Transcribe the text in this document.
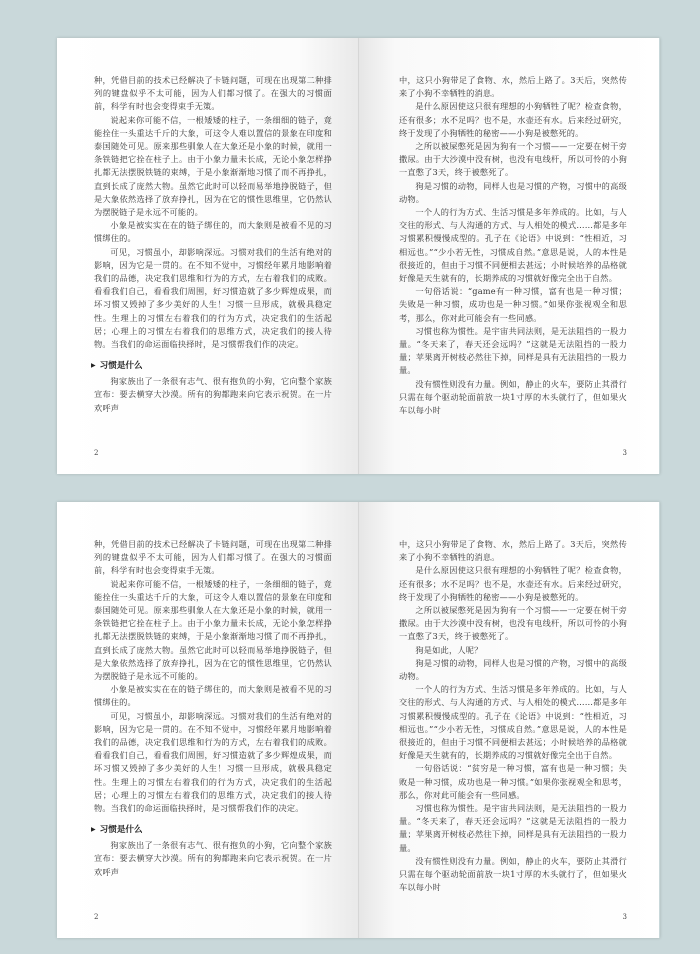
种，凭借目前的技术已经解决了卡链问题，可现在出现第二种排列的键盘似乎不太可能，因为人们都习惯了。在强大的习惯面前，科学有时也会变得束手无策。

说起来你可能不信，一根矮矮的柱子，一条细细的链子，竟能拴住一头重达千斤的大象，可这令人难以置信的景象在印度和泰国随处可见。原来那些驯象人在大象还是小象的时候，就用一条铁链把它拴在柱子上。由于小象力量未长成，无论小象怎样挣扎都无法摆脱铁链的束缚，于是小象渐渐地习惯了而不再挣扎，直到长成了庞然大物。虽然它此时可以轻而易举地挣脱链子，但是大象依然选择了放弃挣扎，因为在它的惯性思维里，它仍然认为摆脱链子是永远不可能的。

小象是被实实在在的链子绑住的，而大象则是被看不见的习惯绑住的。

可见，习惯虽小，却影响深远。习惯对我们的生活有绝对的影响，因为它是一贯的。在不知不觉中，习惯经年累月地影响着我们的品德，决定我们思维和行为的方式，左右着我们的成败。看看我们自己，看看我们周围，好习惯造就了多少辉煌成果，而坏习惯又毁掉了多少美好的人生！习惯一旦形成，就极具稳定性。生理上的习惯左右着我们的行为方式，决定我们的生活起居；心理上的习惯左右着我们的思维方式，决定我们的接人待物。当我们的命运面临抉择时，是习惯帮我们作的决定。

▶ 习惯是什么

狗家族出了一条很有志气、很有抱负的小狗，它向整个家族宣布：要去横穿大沙漠。所有的狗都跑来向它表示祝贺。在一片欢呼声

2

中，这只小狗带足了食物、水，然后上路了。3天后，突然传来了小狗不幸牺牲的消息。

是什么原因使这只很有理想的小狗牺牲了呢？检查食物，还有很多；水不足吗？也不是，水壶还有水。后来经过研究，终于发现了小狗牺牲的秘密——小狗是被憋死的。

之所以被屎憋死是因为狗有一个习惯——一定要在树干旁撒尿。由于大沙漠中没有树，也没有电线杆，所以可怜的小狗一直憋了3天，终于被憋死了。

狗是习惯的动物，同样人也是习惯的产物，习惯中的高级动物。

一个人的行为方式、生活习惯是多年养成的。比如，与人交往的形式、与人沟通的方式、与人相处的模式……都是多年习惯累积慢慢成型的。孔子在《论语》中说到：“性相近，习相远也。”“少小若无性，习惯成自然。”意思是说，人的本性是很接近的，但由于习惯不同便相去甚远；小时候培养的品格就好像是天生就有的，长期养成的习惯就好像完全出于自然。

一句俗话说：“game有一种习惯，富有也是一种习惯；失败是一种习惯，成功也是一种习惯。”如果你张视观全和思考，那么，你对此可能会有一些同感。

习惯也称为惯性。是宇宙共同法则，是无法阻挡的一股力量。“冬天来了，春天还会远吗？”这就是无法阻挡的一股力量；苹果离开树枝必然往下掉，同样是具有无法阻挡的一股力量。

没有惯性则没有力量。例如，静止的火车，要防止其滑行只需在每个驱动轮面前放一块1寸厚的木头就行了，但如果火车以每小时

3

种，凭借目前的技术已经解决了卡链问题，可现在出现第二种排列的键盘似乎不太可能，因为人们都习惯了。在强大的习惯面前，科学有时也会变得束手无策。

说起来你可能不信，一根矮矮的柱子，一条细细的链子，竟能拴住一头重达千斤的大象，可这令人难以置信的景象在印度和泰国随处可见。原来那些驯象人在大象还是小象的时候，就用一条铁链把它拴在柱子上。由于小象力量未长成，无论小象怎样挣扎都无法摆脱铁链的束缚，于是小象渐渐地习惯了而不再挣扎，直到长成了庞然大物。虽然它此时可以轻而易举地挣脱链子，但是大象依然选择了放弃挣扎，因为在它的惯性思维里，它仍然认为摆脱链子是永远不可能的。

小象是被实实在在的链子绑住的，而大象则是被看不见的习惯绑住的。

可见，习惯虽小，却影响深远。习惯对我们的生活有绝对的影响，因为它是一贯的。在不知不觉中，习惯经年累月地影响着我们的品德，决定我们思维和行为的方式，左右着我们的成败。看看我们自己，看看我们周围，好习惯造就了多少辉煌成果，而坏习惯又毁掉了多少美好的人生！习惯一旦形成，就极具稳定性。生理上的习惯左右着我们的行为方式，决定我们的生活起居；心理上的习惯左右着我们的思维方式，决定我们的接人待物。当我们的命运面临抉择时，是习惯帮我们作的决定。

▶ 习惯是什么

狗家族出了一条很有志气、很有抱负的小狗，它向整个家族宣布：要去横穿大沙漠。所有的狗都跑来向它表示祝贺。在一片欢呼声

2

中，这只小狗带足了食物、水，然后上路了。3天后，突然传来了小狗不幸牺牲的消息。

是什么原因使这只很有理想的小狗牺牲了呢？检查食物，还有很多；水不足吗？也不是，水壶还有水。后来经过研究，终于发现了小狗牺牲的秘密——小狗是被憋死的。

之所以被屎憋死是因为狗有一个习惯——一定要在树干旁撒尿。由于大沙漠中没有树，也没有电线杆，所以可怜的小狗一直憋了3天，终于被憋死了。

狗是如此，人呢？

狗是习惯的动物，同样人也是习惯的产物，习惯中的高级动物。

一个人的行为方式、生活习惯是多年养成的。比如，与人交往的形式、与人沟通的方式、与人相处的模式……都是多年习惯累积慢慢成型的。孔子在《论语》中说到：“性相近，习相远也。”“少小若无性，习惯成自然。”意思是说，人的本性是很接近的，但由于习惯不同便相去甚远；小时候培养的品格就好像是天生就有的，长期养成的习惯就好像完全出于自然。

一句俗话说：“贫穷是一种习惯，富有也是一种习惯；失败是一种习惯，成功也是一种习惯。”如果你张视观全和思考，那么，你对此可能会有一些同感。

习惯也称为惯性。是宇宙共同法则，是无法阻挡的一股力量。“冬天来了，春天还会远吗？”这就是无法阻挡的一股力量；苹果离开树枝必然往下掉，同样是具有无法阻挡的一股力量。

没有惯性则没有力量。例如，静止的火车，要防止其滑行只需在每个驱动轮面前放一块1寸厚的木头就行了，但如果火车以每小时

3
